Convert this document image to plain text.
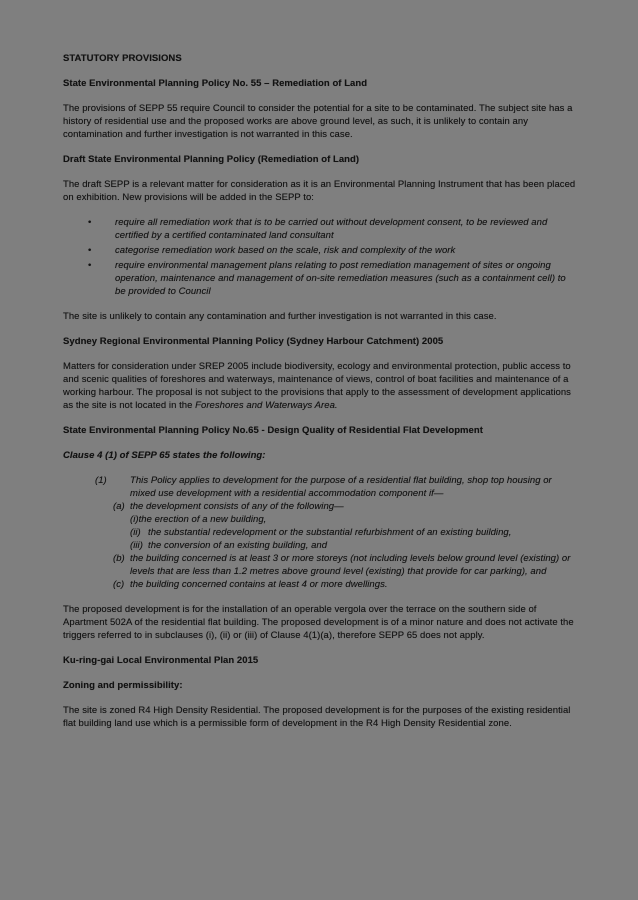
STATUTORY PROVISIONS
State Environmental Planning Policy No. 55 – Remediation of Land

The provisions of SEPP 55 require Council to consider the potential for a site to be contaminated. The subject site has a history of residential use and the proposed works are above ground level, as such, it is unlikely to contain any contamination and further investigation is not warranted in this case.

Draft State Environmental Planning Policy (Remediation of Land)

The draft SEPP is a relevant matter for consideration as it is an Environmental Planning Instrument that has been placed on exhibition. New provisions will be added in the SEPP to:

•	require all remediation work that is to be carried out without development consent, to be reviewed and certified by a certified contaminated land consultant
•	categorise remediation work based on the scale, risk and complexity of the work
•	require environmental management plans relating to post remediation management of sites or ongoing operation, maintenance and management of on-site remediation measures (such as a containment cell) to be provided to Council

The site is unlikely to contain any contamination and further investigation is not warranted in this case.

Sydney Regional Environmental Planning Policy (Sydney Harbour Catchment) 2005

Matters for consideration under SREP 2005 include biodiversity, ecology and environmental protection, public access to and scenic qualities of foreshores and waterways, maintenance of views, control of boat facilities and maintenance of a working harbour. The proposal is not subject to the provisions that apply to the assessment of development applications as the site is not located in the Foreshores and Waterways Area.

State Environmental Planning Policy No.65 - Design Quality of Residential Flat Development

Clause 4 (1) of SEPP 65 states the following:

(1)	This Policy applies to development for the purpose of a residential flat building, shop top housing or mixed use development with a residential accommodation component if—
(a) the development consists of any of the following—
(i)the erection of a new building,
(ii) the substantial redevelopment or the substantial refurbishment of an existing building,
(iii) the conversion of an existing building, and
(b) the building concerned is at least 3 or more storeys (not including levels below ground level (existing) or levels that are less than 1.2 metres above ground level (existing) that provide for car parking), and
(c) the building concerned contains at least 4 or more dwellings.

The proposed development is for the installation of an operable vergola over the terrace on the southern side of Apartment 502A of the residential flat building. The proposed development is of a minor nature and does not activate the triggers referred to in subclauses (i), (ii) or (iii) of Clause 4(1)(a), therefore SEPP 65 does not apply.

Ku-ring-gai Local Environmental Plan 2015
Zoning and permissibility:

The site is zoned R4 High Density Residential. The proposed development is for the purposes of the existing residential flat building land use which is a permissible form of development in the R4 High Density Residential zone.
